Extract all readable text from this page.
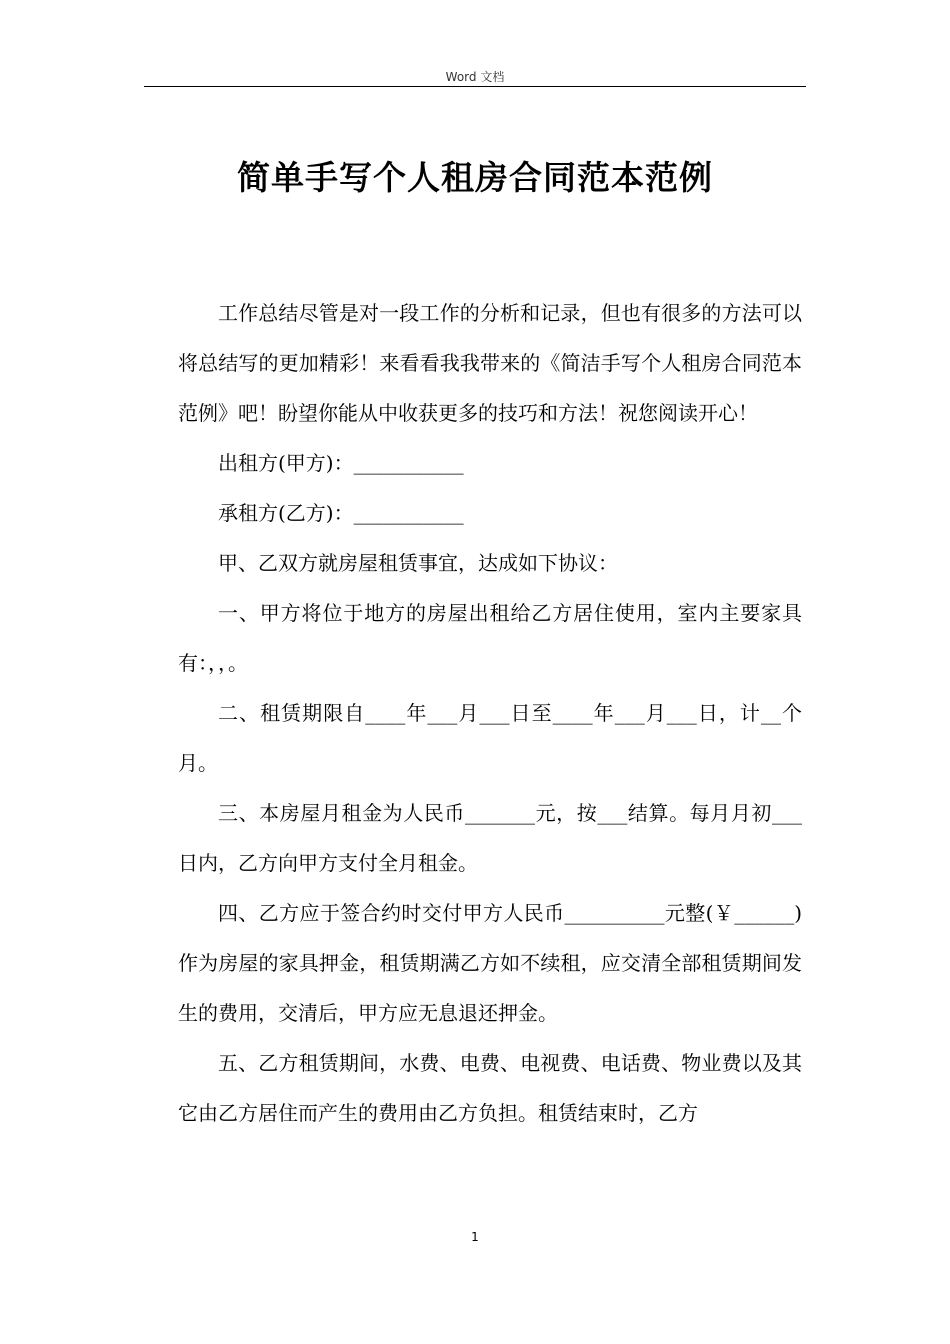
Word 文档
简单手写个人租房合同范本范例

工作总结尽管是对一段工作的分析和记录，但也有很多的方法可以将总结写的更加精彩！来看看我我带来的《简洁手写个人租房合同范本范例》吧！盼望你能从中收获更多的技巧和方法！祝您阅读开心！

出租方(甲方)：___________

承租方(乙方)：___________

甲、乙双方就房屋租赁事宜，达成如下协议：

一、甲方将位于地方的房屋出租给乙方居住使用，室内主要家具有：，，。

二、租赁期限自____年___月___日至____年___月___日，计__个月。

三、本房屋月租金为人民币_______元，按___结算。每月月初___日内，乙方向甲方支付全月租金。

四、乙方应于签合约时交付甲方人民币__________元整(￥______)作为房屋的家具押金，租赁期满乙方如不续租，应交清全部租赁期间发生的费用，交清后，甲方应无息退还押金。

五、乙方租赁期间，水费、电费、电视费、电话费、物业费以及其它由乙方居住而产生的费用由乙方负担。租赁结束时，乙方

1
